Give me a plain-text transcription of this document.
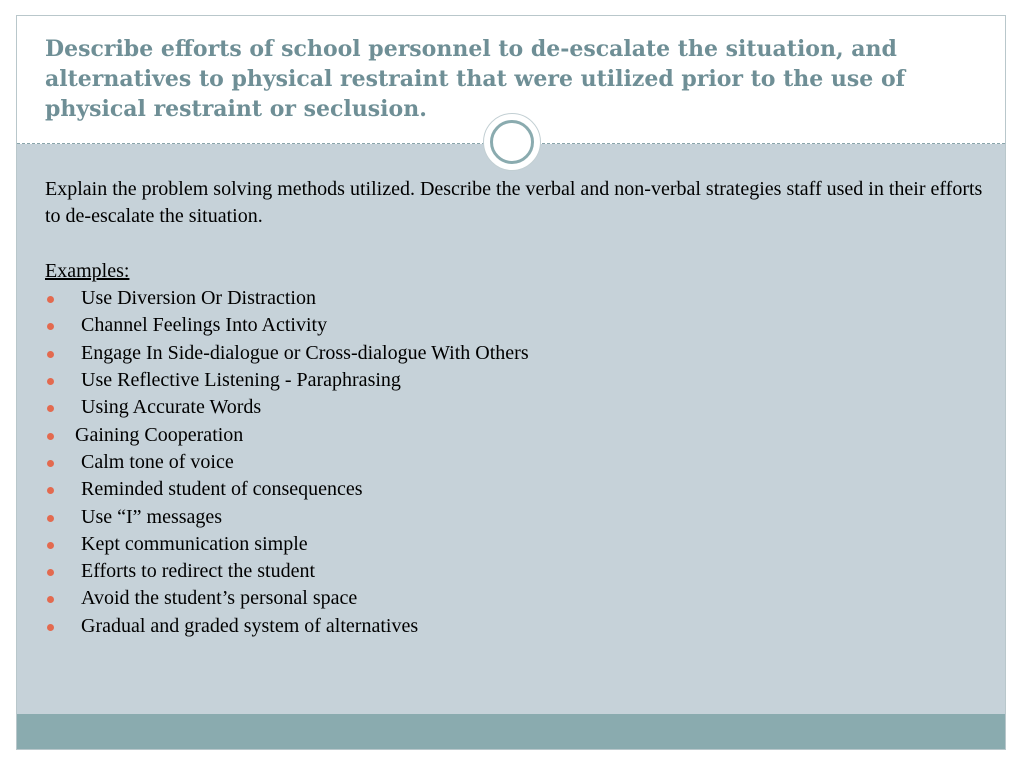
Describe efforts of school personnel to de-escalate the situation, and alternatives to physical restraint that were utilized prior to the use of physical restraint or seclusion.

Explain the problem solving methods utilized. Describe the verbal and non-verbal strategies staff used in their efforts to de-escalate the situation.

Examples:

Use Diversion Or Distraction
Channel Feelings Into Activity
Engage In Side-dialogue or Cross-dialogue With Others
Use Reflective Listening - Paraphrasing
Using Accurate Words
Gaining Cooperation
Calm tone of voice
Reminded student of consequences
Use “I” messages
Kept communication simple
Efforts to redirect the student
Avoid the student’s personal space
Gradual and graded system of alternatives
